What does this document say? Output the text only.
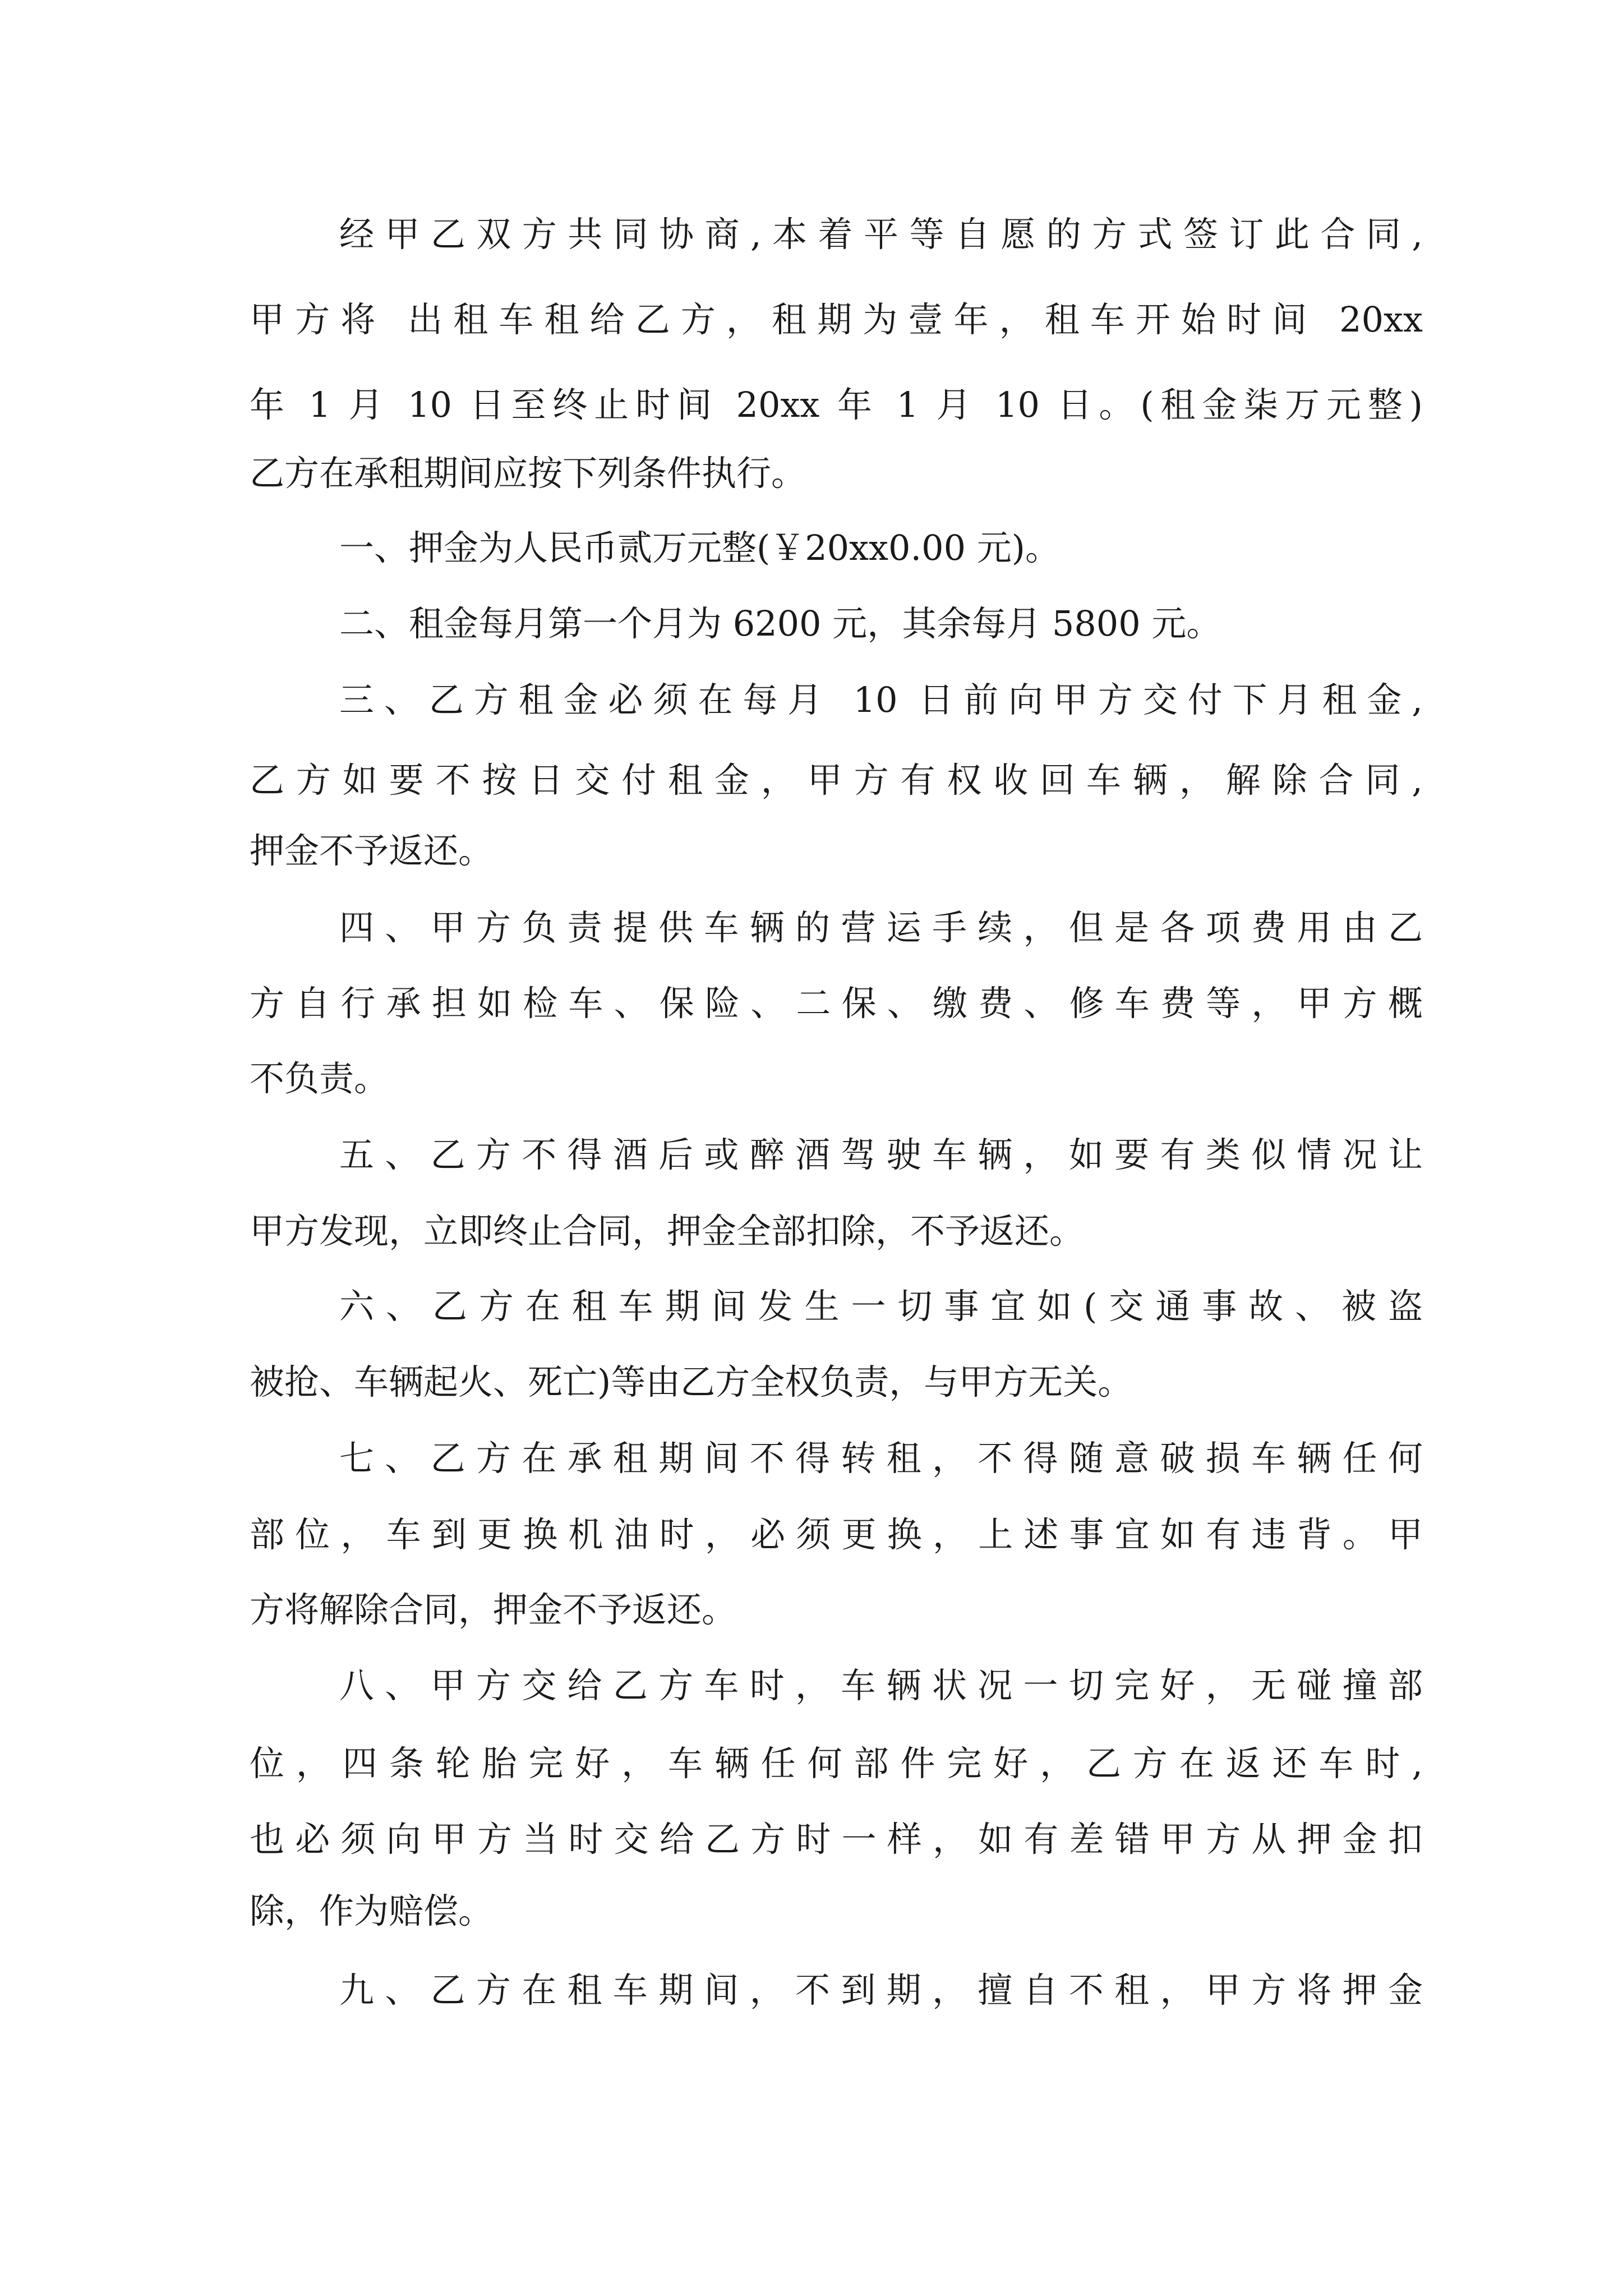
经甲乙双方共同协商,本着平等自愿的方式签订此合同,
甲方将 出租车租给乙方，租期为壹年，租车开始时间 20xx
年 1 月 10 日至终止时间 20xx 年 1 月 10 日。(租金柒万元整)
乙方在承租期间应按下列条件执行。
一、押金为人民币贰万元整(￥20xx0.00 元)。
二、租金每月第一个月为 6200 元，其余每月 5800 元。
三、乙方租金必须在每月 10 日前向甲方交付下月租金,
乙方如要不按日交付租金，甲方有权收回车辆，解除合同,
押金不予返还。
四、甲方负责提供车辆的营运手续，但是各项费用由乙
方自行承担如检车、保险、二保、缴费、修车费等，甲方概
不负责。
五、乙方不得酒后或醉酒驾驶车辆，如要有类似情况让
甲方发现，立即终止合同，押金全部扣除，不予返还。
六、乙方在租车期间发生一切事宜如(交通事故、被盗
被抢、车辆起火、死亡)等由乙方全权负责，与甲方无关。
七、乙方在承租期间不得转租，不得随意破损车辆任何
部位，车到更换机油时，必须更换，上述事宜如有违背。甲
方将解除合同，押金不予返还。
八、甲方交给乙方车时，车辆状况一切完好，无碰撞部
位，四条轮胎完好，车辆任何部件完好，乙方在返还车时,
也必须向甲方当时交给乙方时一样，如有差错甲方从押金扣
除，作为赔偿。
九、乙方在租车期间，不到期，擅自不租，甲方将押金
